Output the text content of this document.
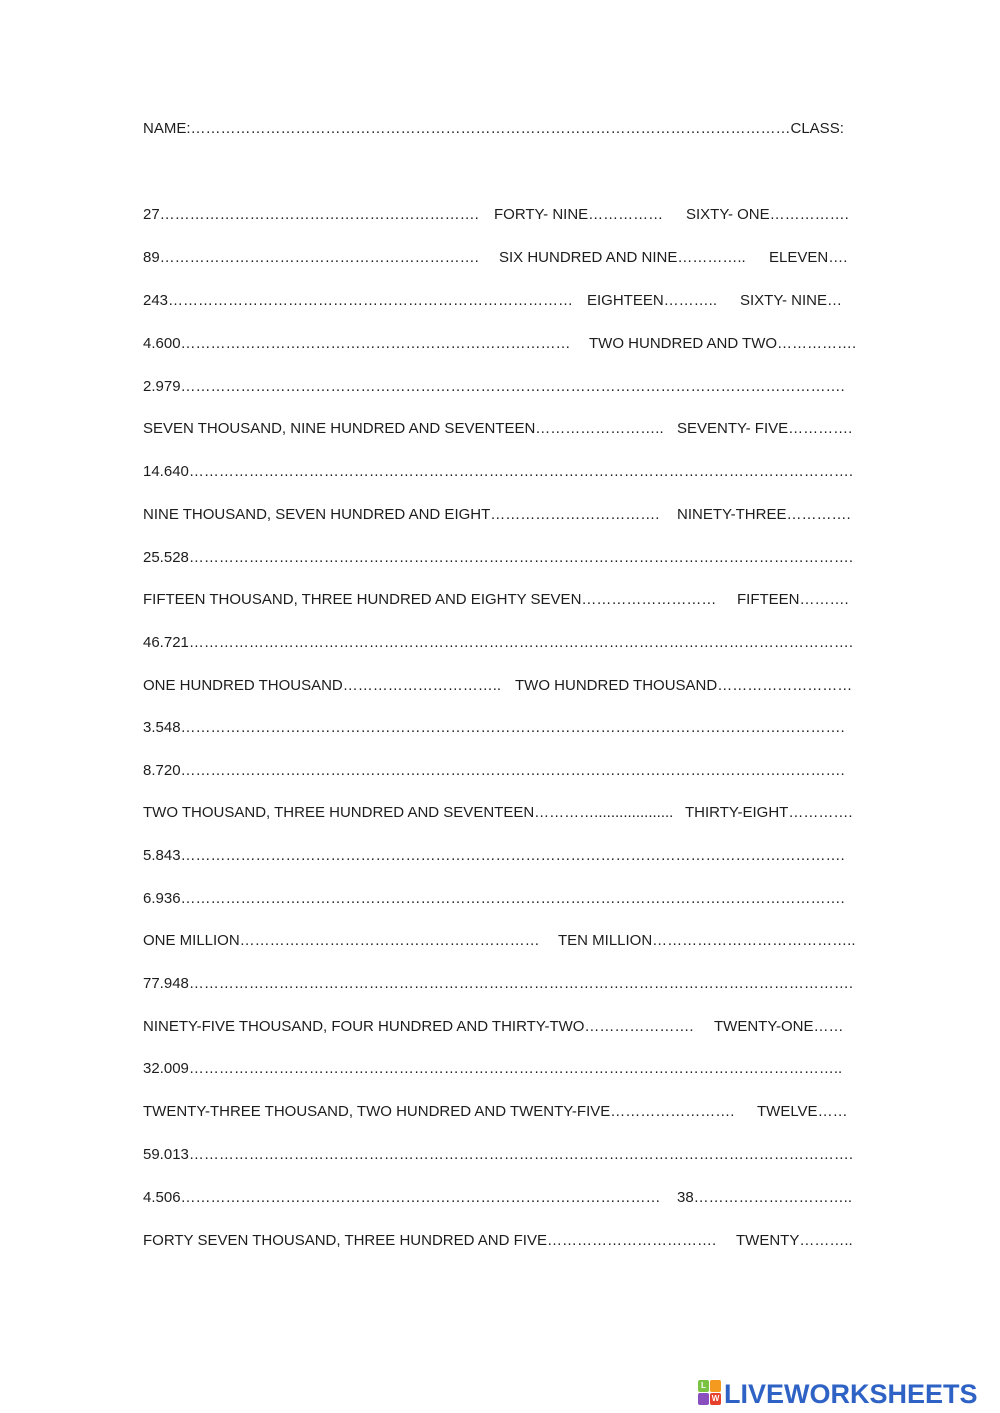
NAME:…………………………………………………………………………………………………………CLASS:
27………………………………………………………. FORTY- NINE…………… SIXTY- ONE…………….
89………………………………………………………. SIX HUNDRED AND NINE………….. ELEVEN….
243……………………………………………………………………… EIGHTEEN……….. SIXTY- NINE…
4.600…………………………………………………………………… TWO HUNDRED AND TWO…………….
2.979…………………………………………………………………………………………………………………….
SEVEN THOUSAND, NINE HUNDRED AND SEVENTEEN…………………….. SEVENTY- FIVE………….
14.640…………………………………………………………………………………………………………………….
NINE THOUSAND, SEVEN HUNDRED AND EIGHT……………………………. NINETY-THREE………….
25.528…………………………………………………………………………………………………………………….
FIFTEEN THOUSAND, THREE HUNDRED AND EIGHTY SEVEN……………………… FIFTEEN……….
46.721…………………………………………………………………………………………………………………….
ONE HUNDRED THOUSAND………………………….. TWO HUNDRED THOUSAND………………………
3.548…………………………………………………………………………………………………………………….
8.720…………………………………………………………………………………………………………………….
TWO THOUSAND, THREE HUNDRED AND SEVENTEEN…………................... THIRTY-EIGHT………….
5.843…………………………………………………………………………………………………………………….
6.936…………………………………………………………………………………………………………………….
ONE MILLION…………………………………………………… TEN MILLION…………………………………..
77.948…………………………………………………………………………………………………………………….
NINETY-FIVE THOUSAND, FOUR HUNDRED AND THIRTY-TWO…………………. TWENTY-ONE……
32.009…………………………………………………………………………………………………………………..
TWENTY-THREE THOUSAND, TWO HUNDRED AND TWENTY-FIVE……………………. TWELVE……
59.013…………………………………………………………………………………………………………………….
4.506…………………………………………………………………………………… 38…………………………..
FORTY SEVEN THOUSAND, THREE HUNDRED AND FIVE……………………………. TWENTY………..
L
W LIVEWORKSHEETS
